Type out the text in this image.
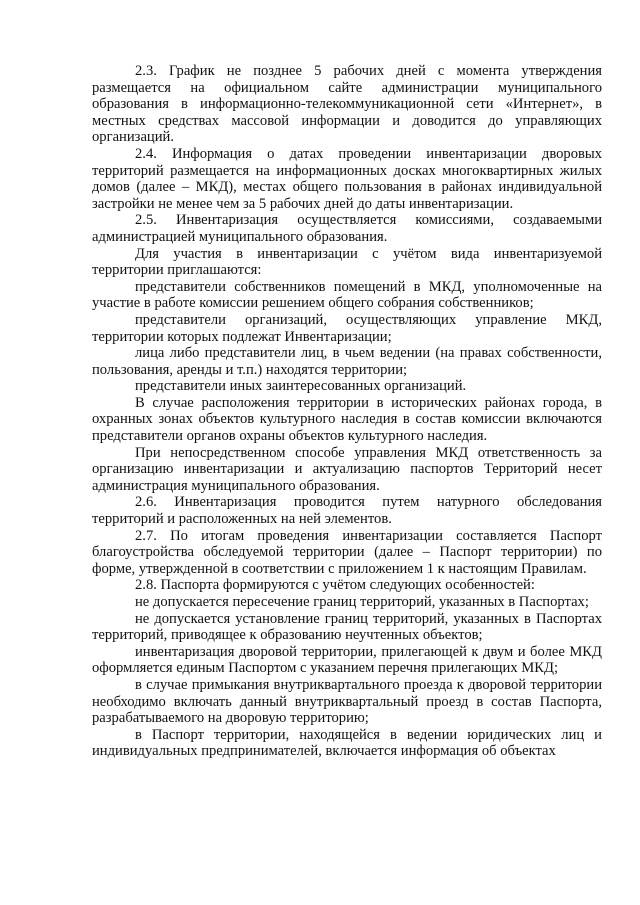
2.3. График не позднее 5 рабочих дней с момента утверждения размещается на официальном сайте администрации муниципального образования в информационно-телекоммуникационной сети «Интернет», в местных средствах массовой информации и доводится до управляющих организаций.

2.4. Информация о датах проведении инвентаризации дворовых территорий размещается на информационных досках многоквартирных жилых домов (далее – МКД), местах общего пользования в районах индивидуальной застройки не менее чем за 5 рабочих дней до даты инвентаризации.

2.5. Инвентаризация осуществляется комиссиями, создаваемыми администрацией муниципального образования.

Для участия в инвентаризации с учётом вида инвентаризуемой территории приглашаются:

представители собственников помещений в МКД, уполномоченные на участие в работе комиссии решением общего собрания собственников;

представители организаций, осуществляющих управление МКД, территории которых подлежат Инвентаризации;

лица либо представители лиц, в чьем ведении (на правах собственности, пользования, аренды и т.п.) находятся территории;

представители иных заинтересованных организаций.

В случае расположения территории в исторических районах города, в охранных зонах объектов культурного наследия в состав комиссии включаются представители органов охраны объектов культурного наследия.

При непосредственном способе управления МКД ответственность за организацию инвентаризации и актуализацию паспортов Территорий несет администрация муниципального образования.

2.6. Инвентаризация проводится путем натурного обследования территорий и расположенных на ней элементов.

2.7. По итогам проведения инвентаризации составляется Паспорт благоустройства обследуемой территории (далее – Паспорт территории) по форме, утвержденной в соответствии с приложением 1 к настоящим Правилам.

2.8. Паспорта формируются с учётом следующих особенностей:

не допускается пересечение границ территорий, указанных в Паспортах;

не допускается установление границ территорий, указанных в Паспортах территорий, приводящее к образованию неучтенных объектов;

инвентаризация дворовой территории, прилегающей к двум и более МКД оформляется единым Паспортом с указанием перечня прилегающих МКД;

в случае примыкания внутриквартального проезда к дворовой территории необходимо включать данный внутриквартальный проезд в состав Паспорта, разрабатываемого на дворовую территорию;

в Паспорт территории, находящейся в ведении юридических лиц и индивидуальных предпринимателей, включается информация об объектах
